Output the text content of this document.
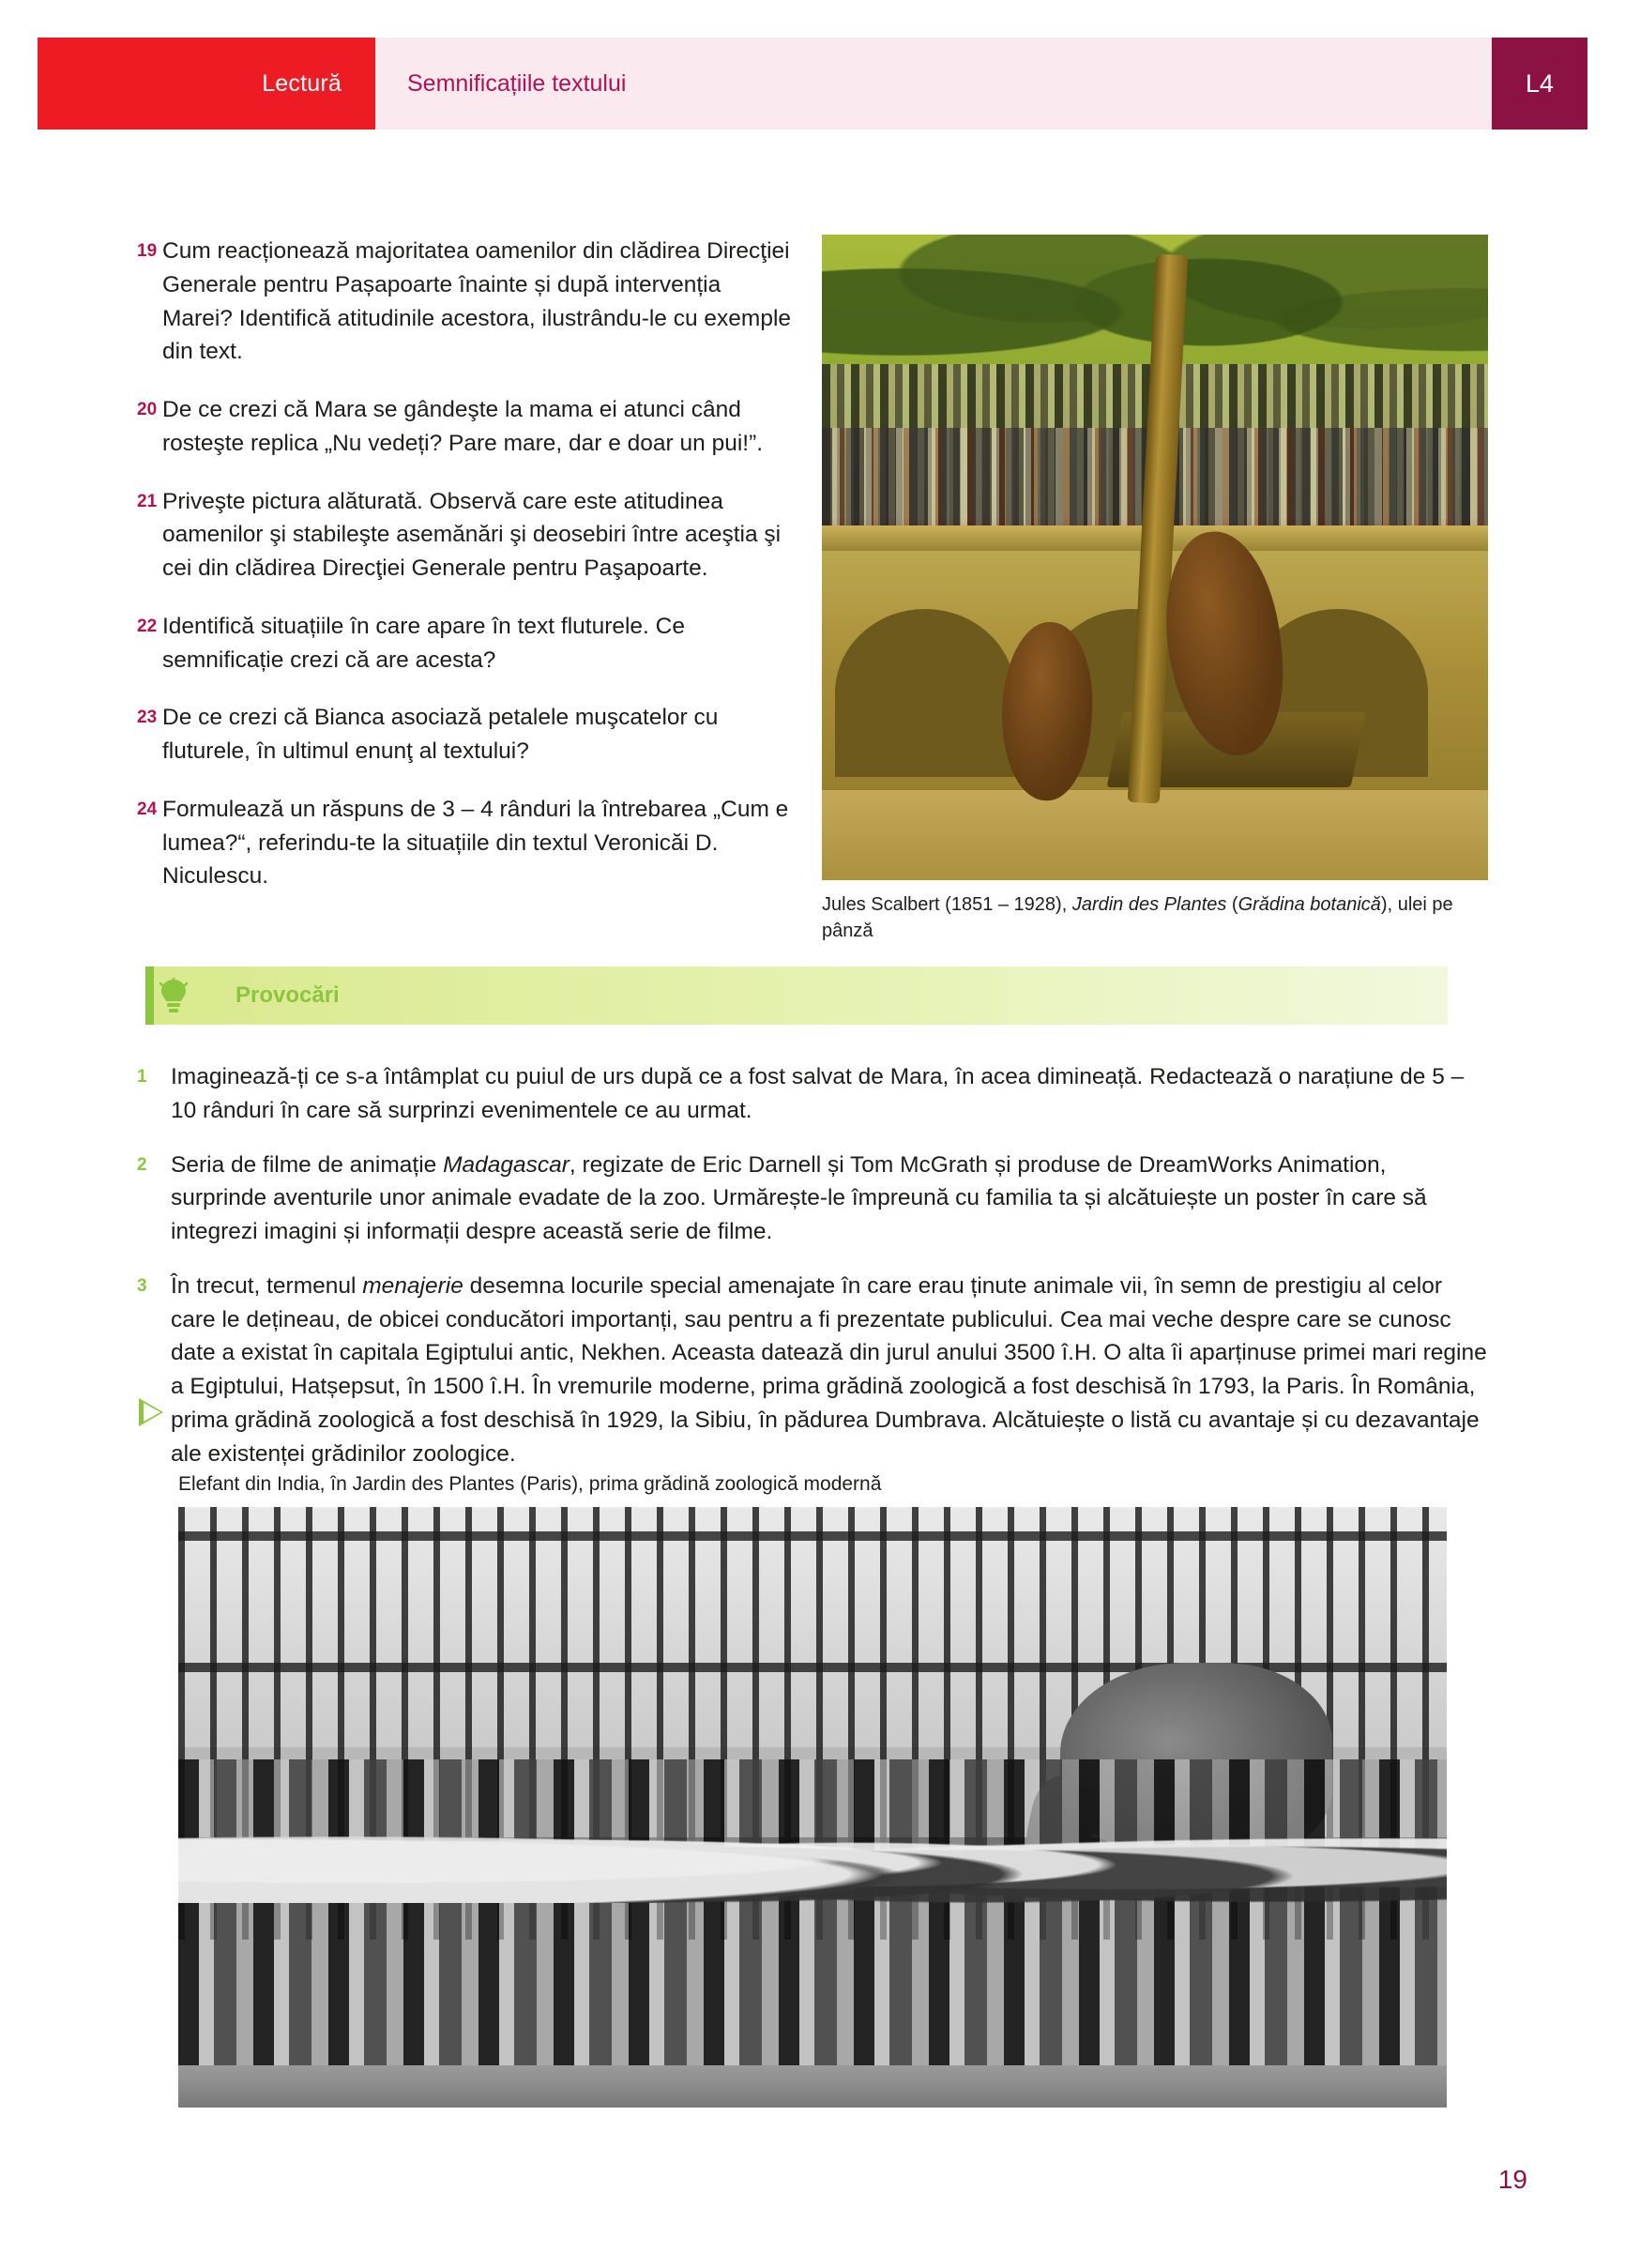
Lectură	Semnificațiile textului	L4
19 Cum reacționează majoritatea oamenilor din clădirea Direcţiei Generale pentru Pașapoarte înainte și după intervenția Marei? Identifică atitudinile acestora, ilustrându-le cu exemple din text.
20 De ce crezi că Mara se gândeşte la mama ei atunci când rosteşte replica „Nu vedeți? Pare mare, dar e doar un pui!”.
21 Priveşte pictura alăturată. Observă care este atitudinea oamenilor şi stabileşte asemănări şi deosebiri între aceştia şi cei din clădirea Direcţiei Generale pentru Paşapoarte.
22 Identifică situațiile în care apare în text fluturele. Ce semnificație crezi că are acesta?
23 De ce crezi că Bianca asociază petalele muşcatelor cu fluturele, în ultimul enunţ al textului?
24 Formulează un răspuns de 3 – 4 rânduri la întrebarea „Cum e lumea?“, referindu-te la situațiile din textul Veronicăi D. Niculescu.
Jules Scalbert (1851 – 1928), Jardin des Plantes (Grădina botanică), ulei pe pânză
Provocări
1	Imaginează-ți ce s-a întâmplat cu puiul de urs după ce a fost salvat de Mara, în acea dimineață. Redactează o narațiune de 5 – 10 rânduri în care să surprinzi evenimentele ce au urmat.
2	Seria de filme de animație Madagascar, regizate de Eric Darnell și Tom McGrath și produse de DreamWorks Animation, surprinde aventurile unor animale evadate de la zoo. Urmărește-le împreună cu familia ta și alcătuiește un poster în care să integrezi imagini și informații despre această serie de filme.
3	În trecut, termenul menajerie desemna locurile special amenajate în care erau ținute animale vii, în semn de prestigiu al celor care le dețineau, de obicei conducători importanți, sau pentru a fi prezentate publicului. Cea mai veche despre care se cunosc date a existat în capitala Egiptului antic, Nekhen. Aceasta datează din jurul anului 3500 î.H. O alta îi aparținuse primei mari regine a Egiptului, Hatșepsut, în 1500 î.H. În vremurile moderne, prima grădină zoologică a fost deschisă în 1793, la Paris. În România, prima grădină zoologică a fost deschisă în 1929, la Sibiu, în pădurea Dumbrava. Alcătuiește o listă cu avantaje și cu dezavantaje ale existenței grădinilor zoologice.
Elefant din India, în Jardin des Plantes (Paris), prima grădină zoologică modernă
19
